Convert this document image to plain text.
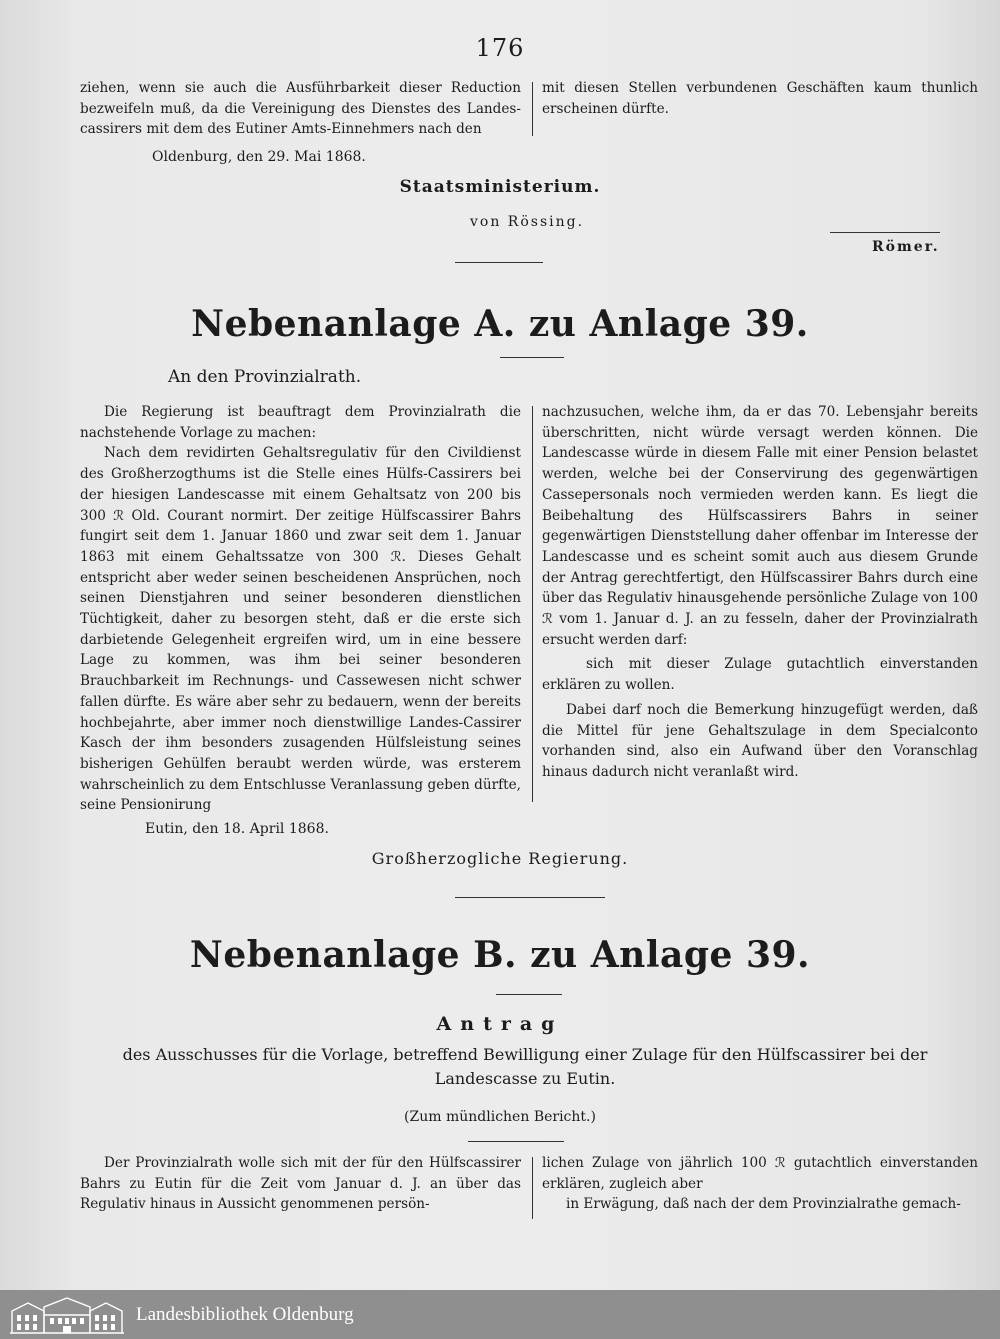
176

ziehen, wenn sie auch die Ausführbarkeit dieser Reduction bezweifeln muß, da die Vereinigung des Dienstes des Landes-cassirers mit dem des Eutiner Amts-Einnehmers nach den

mit diesen Stellen verbundenen Geschäften kaum thunlich erscheinen dürfte.

Oldenburg, den 29. Mai 1868.
Staatsministerium.
von Rössing.
Römer.
Nebenanlage A. zu Anlage 39.
An den Provinzialrath.

Die Regierung ist beauftragt dem Provinzialrath die nachstehende Vorlage zu machen:

Nach dem revidirten Gehaltsregulativ für den Civildienst des Großherzogthums ist die Stelle eines Hülfs-Cassirers bei der hiesigen Landescasse mit einem Gehaltsatz von 200 bis 300 ℛ Old. Courant normirt. Der zeitige Hülfscassirer Bahrs fungirt seit dem 1. Januar 1860 und zwar seit dem 1. Januar 1863 mit einem Gehaltssatze von 300 ℛ. Dieses Gehalt entspricht aber weder seinen bescheidenen Ansprüchen, noch seinen Dienstjahren und seiner besonderen dienstlichen Tüchtigkeit, daher zu besorgen steht, daß er die erste sich darbietende Gelegenheit ergreifen wird, um in eine bessere Lage zu kommen, was ihm bei seiner besonderen Brauchbarkeit im Rechnungs- und Cassewesen nicht schwer fallen dürfte. Es wäre aber sehr zu bedauern, wenn der bereits hochbejahrte, aber immer noch dienstwillige Landes-Cassirer Kasch der ihm besonders zusagenden Hülfsleistung seines bisherigen Gehülfen beraubt werden würde, was ersterem wahrscheinlich zu dem Entschlusse Veranlassung geben dürfte, seine Pensionirung

nachzusuchen, welche ihm, da er das 70. Lebensjahr bereits überschritten, nicht würde versagt werden können. Die Landescasse würde in diesem Falle mit einer Pension belastet werden, welche bei der Conservirung des gegenwärtigen Cassepersonals noch vermieden werden kann. Es liegt die Beibehaltung des Hülfscassirers Bahrs in seiner gegenwärtigen Dienststellung daher offenbar im Interesse der Landescasse und es scheint somit auch aus diesem Grunde der Antrag gerechtfertigt, den Hülfscassirer Bahrs durch eine über das Regulativ hinausgehende persönliche Zulage von 100 ℛ vom 1. Januar d. J. an zu fesseln, daher der Provinzialrath ersucht werden darf:

sich mit dieser Zulage gutachtlich einverstanden erklären zu wollen.

Dabei darf noch die Bemerkung hinzugefügt werden, daß die Mittel für jene Gehaltszulage in dem Specialconto vorhanden sind, also ein Aufwand über den Voranschlag hinaus dadurch nicht veranlaßt wird.

Eutin, den 18. April 1868.
Großherzogliche Regierung.
Nebenanlage B. zu Anlage 39.
Antrag
des Ausschusses für die Vorlage, betreffend Bewilligung einer Zulage für den Hülfscassirer bei der Landescasse zu Eutin.
(Zum mündlichen Bericht.)

Der Provinzialrath wolle sich mit der für den Hülfscassirer Bahrs zu Eutin für die Zeit vom Januar d. J. an über das Regulativ hinaus in Aussicht genommenen persön-

lichen Zulage von jährlich 100 ℛ gutachtlich einverstanden erklären, zugleich aber

in Erwägung, daß nach der dem Provinzialrathe gemach-

Landesbibliothek Oldenburg
